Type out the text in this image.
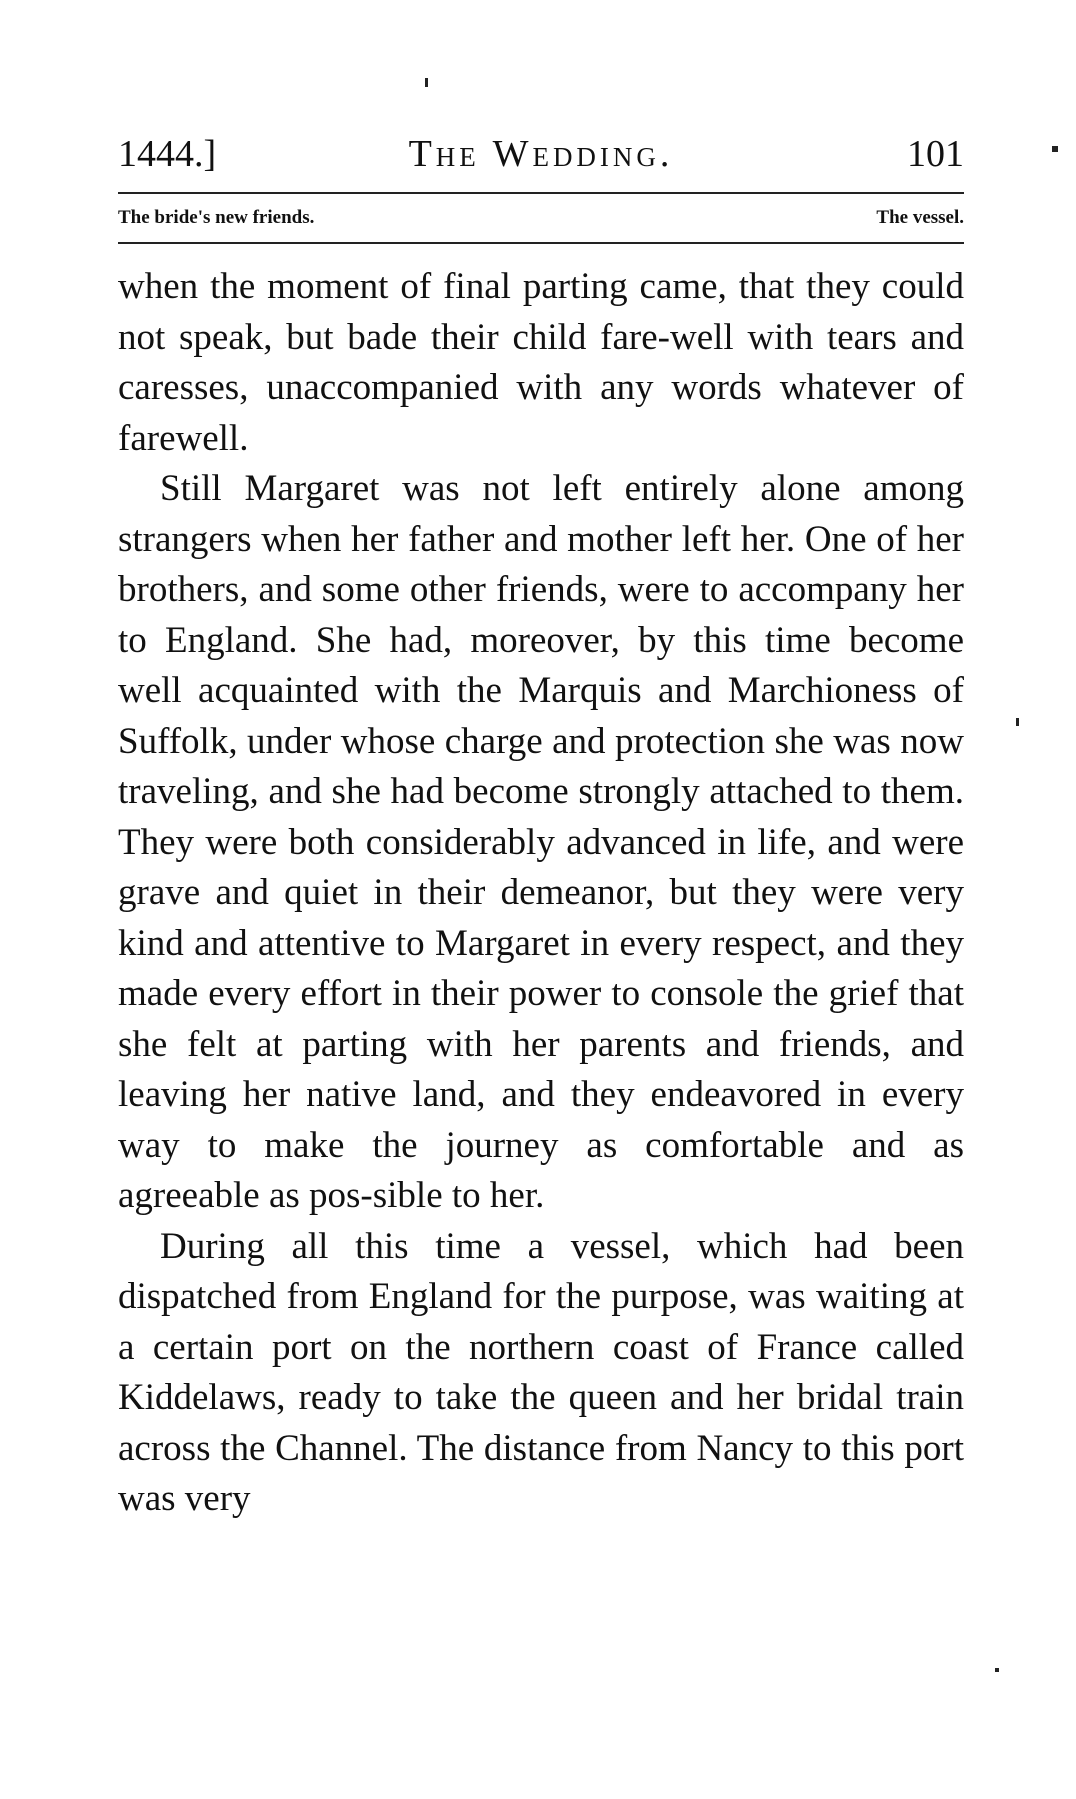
1444.]	The Wedding.	101
The bride's new friends.	The vessel.

when the moment of final parting came, that they could not speak, but bade their child fare-well with tears and caresses, unaccompanied with any words whatever of farewell.

Still Margaret was not left entirely alone among strangers when her father and mother left her. One of her brothers, and some other friends, were to accompany her to England. She had, moreover, by this time become well acquainted with the Marquis and Marchioness of Suffolk, under whose charge and protection she was now traveling, and she had become strongly attached to them. They were both considerably advanced in life, and were grave and quiet in their demeanor, but they were very kind and attentive to Margaret in every respect, and they made every effort in their power to console the grief that she felt at parting with her parents and friends, and leaving her native land, and they endeavored in every way to make the journey as comfortable and as agreeable as pos-sible to her.

During all this time a vessel, which had been dispatched from England for the purpose, was waiting at a certain port on the northern coast of France called Kiddelaws, ready to take the queen and her bridal train across the Channel. The distance from Nancy to this port was very
